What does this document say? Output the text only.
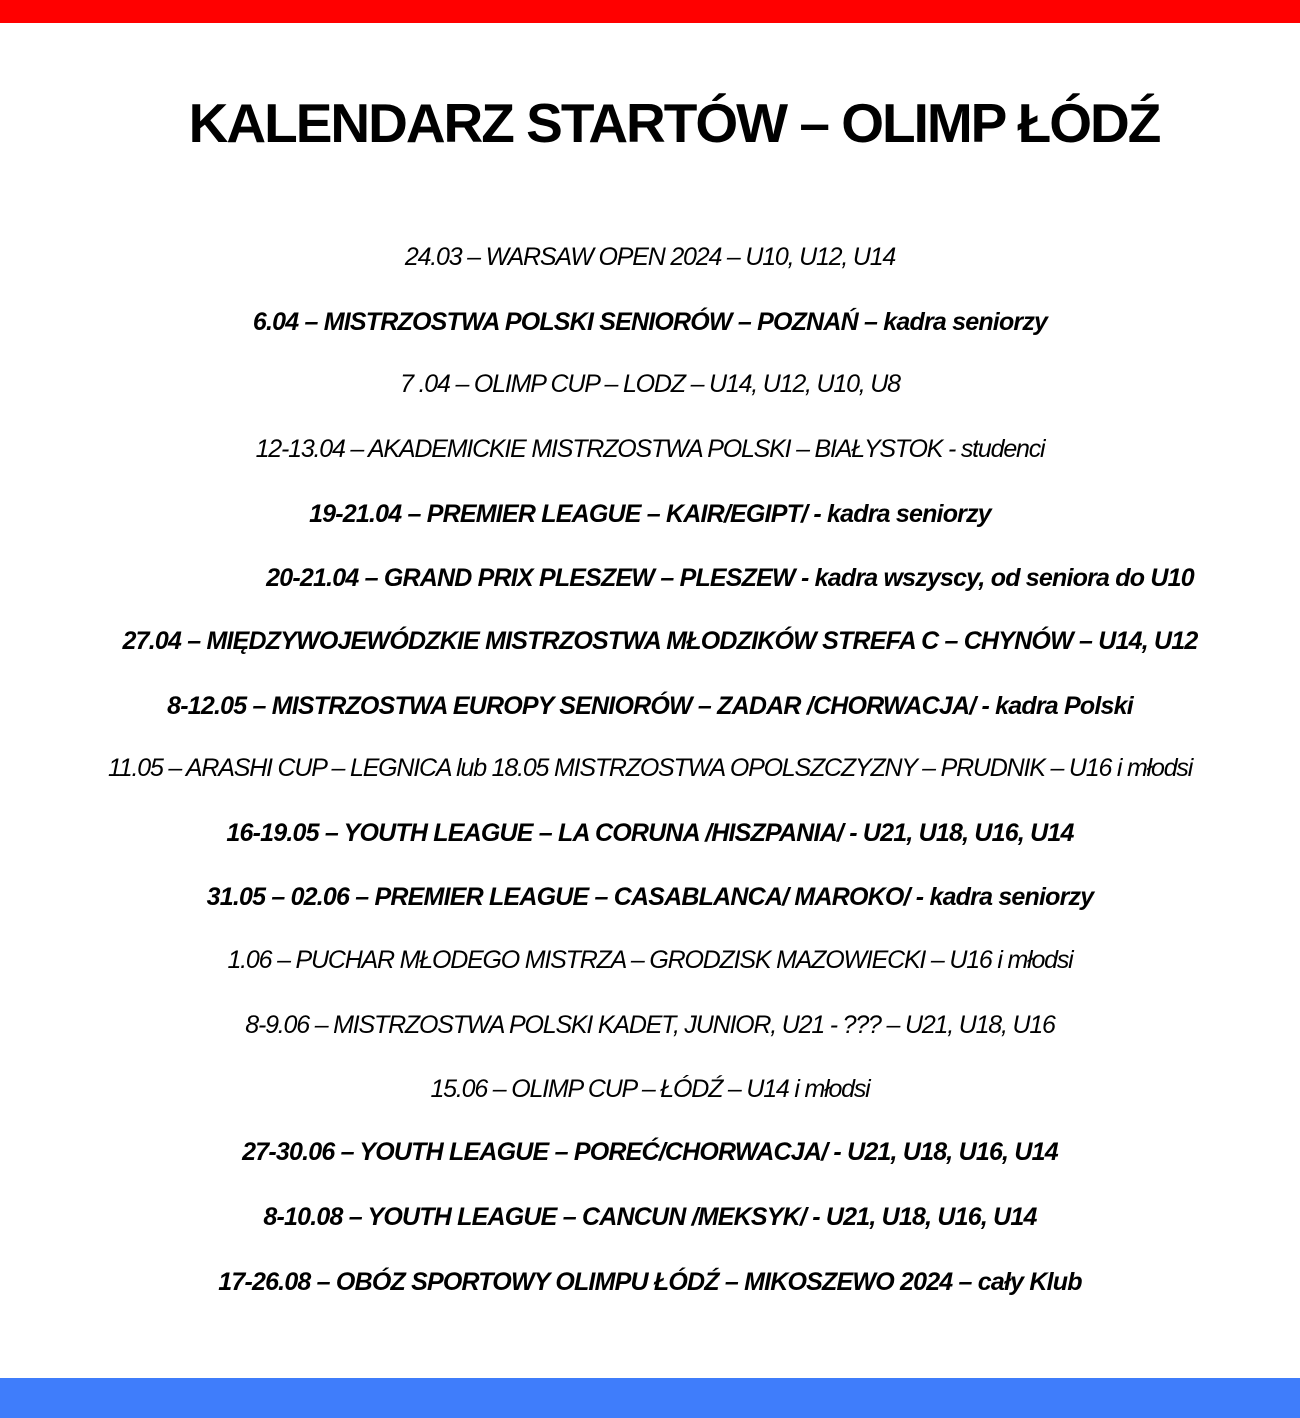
KALENDARZ STARTÓW – OLIMP ŁÓDŹ
24.03 – WARSAW OPEN 2024 – U10, U12, U14
6.04 – MISTRZOSTWA POLSKI SENIORÓW – POZNAŃ – kadra seniorzy
7 .04 – OLIMP CUP – LODZ – U14, U12, U10, U8
12-13.04 – AKADEMICKIE MISTRZOSTWA POLSKI – BIAŁYSTOK - studenci
19-21.04 – PREMIER LEAGUE – KAIR/EGIPT/ - kadra seniorzy
20-21.04 – GRAND PRIX PLESZEW – PLESZEW - kadra wszyscy, od seniora do U10
27.04 – MIĘDZYWOJEWÓDZKIE MISTRZOSTWA MŁODZIKÓW STREFA C – CHYNÓW – U14, U12
8-12.05 – MISTRZOSTWA EUROPY SENIORÓW – ZADAR /CHORWACJA/ - kadra Polski
11.05 – ARASHI CUP – LEGNICA lub 18.05 MISTRZOSTWA OPOLSZCZYZNY – PRUDNIK – U16 i młodsi
16-19.05 – YOUTH LEAGUE – LA CORUNA /HISZPANIA/ - U21, U18, U16, U14
31.05 – 02.06 – PREMIER LEAGUE – CASABLANCA/ MAROKO/ - kadra seniorzy
1.06 – PUCHAR MŁODEGO MISTRZA – GRODZISK MAZOWIECKI – U16 i młodsi
8-9.06 – MISTRZOSTWA POLSKI KADET, JUNIOR, U21 - ??? – U21, U18, U16
15.06 – OLIMP CUP – ŁÓDŹ – U14 i młodsi
27-30.06 – YOUTH LEAGUE – POREĆ/CHORWACJA/ - U21, U18, U16, U14
8-10.08 – YOUTH LEAGUE – CANCUN /MEKSYK/ - U21, U18, U16, U14
17-26.08 – OBÓZ SPORTOWY OLIMPU ŁÓDŹ – MIKOSZEWO 2024 – cały Klub
